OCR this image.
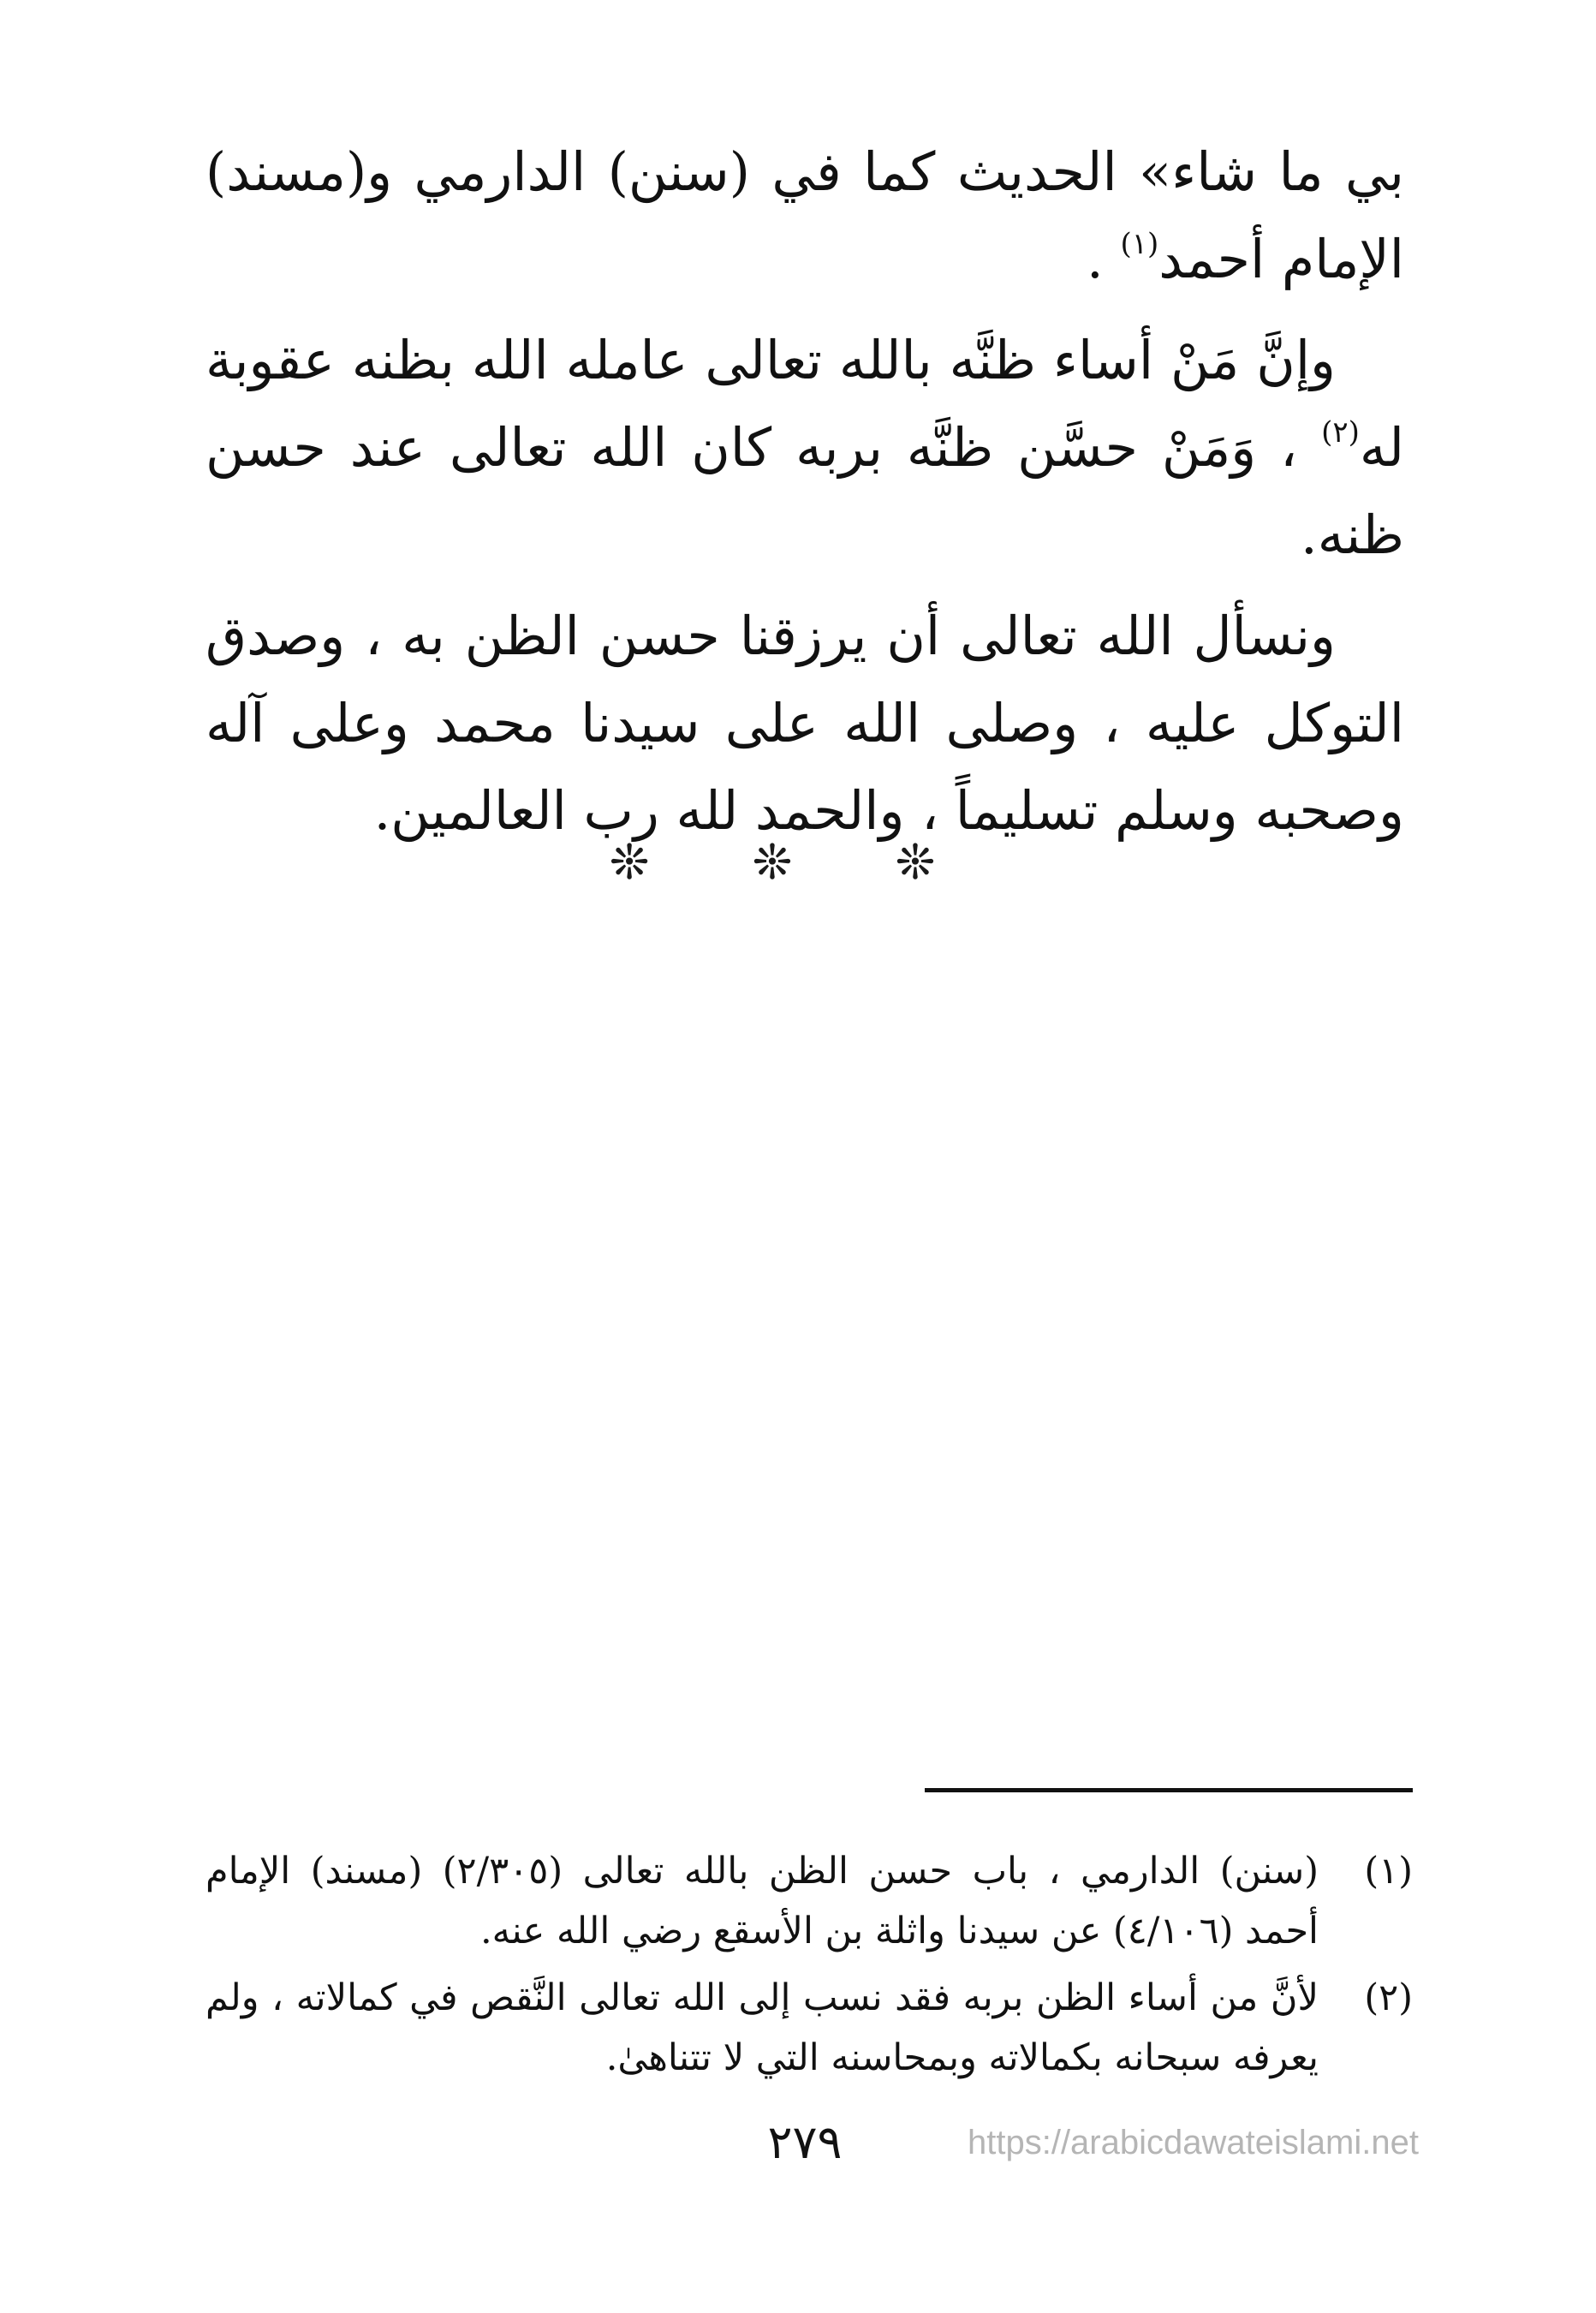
بي ما شاء» الحديث كما في (سنن) الدارمي و(مسند) الإمام أحمد$^{(١)}$ .

وإنَّ مَنْ أساء ظنَّه بالله تعالى عامله الله بظنه عقوبة له$^{(٢)}$ ، وَمَنْ حسَّن ظنَّه بربه كان الله تعالى عند حسن ظنه.

ونسأل الله تعالى أن يرزقنا حسن الظن به ، وصدق التوكل عليه ، وصلى الله على سيدنا محمد وعلى آله وصحبه وسلم تسليماً ، والحمد لله رب العالمين.

❊ ❊ ❊
(١)
(سنن) الدارمي ، باب حسن الظن بالله تعالى (٢/٣٠٥) (مسند) الإمام أحمد (٤/١٠٦) عن سيدنا واثلة بن الأسقع رضي الله عنه.
(٢)
لأنَّ من أساء الظن بربه فقد نسب إلى الله تعالى النَّقص في كمالاته ، ولم يعرفه سبحانه بكمالاته وبمحاسنه التي لا تتناهىٰ.
٢٧٩	https://arabicdawateislami.net
